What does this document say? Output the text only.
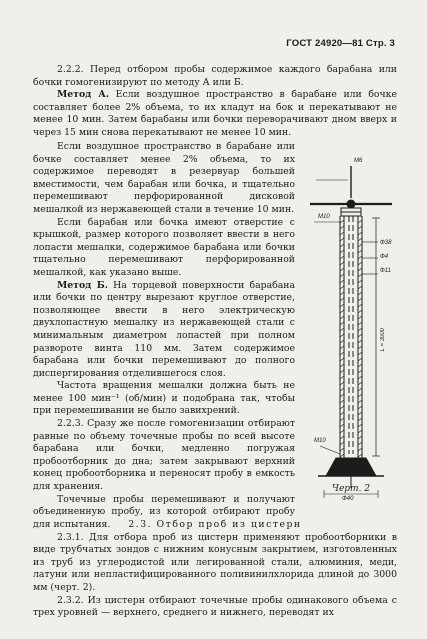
ГОСТ 24920—81 Стр. 3

2.2.2. Перед отбором пробы содержимое каждого барабана или бочки гомогенизируют по методу А или Б.

Метод А. Если воздушное пространство в барабане или бочке составляет более 2% объема, то их кладут на бок и перекатывают не менее 10 мин. Затем барабаны или бочки переворачивают дном вверх и через 15 мин снова перекатывают не менее 10 мин.

Если воздушное пространство в барабане или бочке составляет менее 2% объема, то их содержимое переводят в резервуар большей вместимости, чем барабан или бочка, и тщательно перемешивают перфорированной дисковой мешалкой из нержавеющей стали в течение 10 мин.

Если барабан или бочка имеют отверстие с крышкой, размер которого позволяет ввести в него лопасти мешалки, содержимое барабана или бочки тщательно перемешивают перфорированной мешалкой, как указано выше.

Метод Б. На торцевой поверхности барабана или бочки по центру вырезают круглое отверстие, позволяющее ввести в него электрическую двухлопастную мешалку из нержавеющей стали с минимальным диаметром лопастей при полном развороте винта 110 мм. Затем содержимое барабана или бочки перемешивают до полного диспергирования отделившегося слоя.

Частота вращения мешалки должна быть не менее 100 мин⁻¹ (об/мин) и подобрана так, чтобы при перемешивании не было завихрений.

2.2.3. Сразу же после гомогенизации отбирают равные по объему точечные пробы по всей высоте барабана или бочки, медленно погружая пробоотборник до дна; затем закрывают верхний конец пробоотборника и переносят пробу в емкость для хранения.

Точечные пробы перемешивают и получают объединенную пробу, из которой отбирают пробу для испытания.

М6
М10
Ф38
Ф4
Ф11
L = 3000
М10
Ф40
Черт. 2

2.3. Отбор проб из цистерн

2.3.1. Для отбора проб из цистерн применяют пробоотборники в виде трубчатых зондов с нижним конусным закрытием, изготовленных из труб из углеродистой или легированной стали, алюминия, меди, латуни или непластифицированного поливинилхлорида длиной до 3000 мм (черт. 2).

2.3.2. Из цистерн отбирают точечные пробы одинакового объема с трех уровней — верхнего, среднего и нижнего, переводят их
